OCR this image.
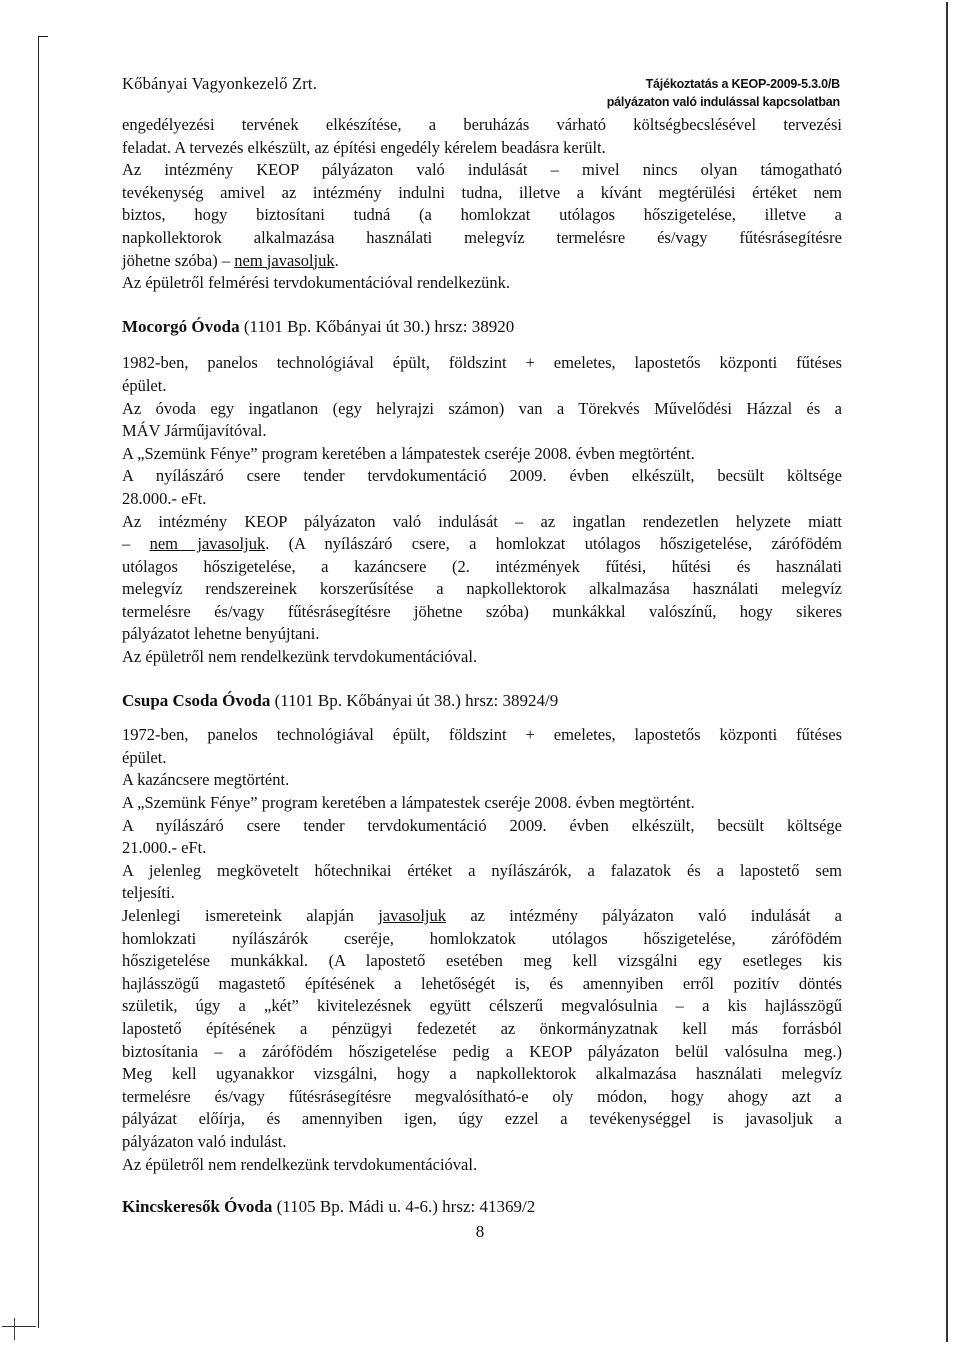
Kőbányai Vagyonkezelő Zrt.	Tájékoztatás a KEOP-2009-5.3.0/B
pályázaton való indulással kapcsolatban
engedélyezési tervének elkészítése, a beruházás várható költségbecslésével tervezési
feladat. A tervezés elkészült, az építési engedély kérelem beadásra került.
Az intézmény KEOP pályázaton való indulását – mivel nincs olyan támogatható
tevékenység amivel az intézmény indulni tudna, illetve a kívánt megtérülési értéket nem
biztos, hogy biztosítani tudná (a homlokzat utólagos hőszigetelése, illetve a
napkollektorok alkalmazása használati melegvíz termelésre és/vagy fűtésrásegítésre
jöhetne szóba) – nem javasoljuk.
Az épületről felmérési tervdokumentációval rendelkezünk.
Mocorgó Óvoda (1101 Bp. Kőbányai út 30.) hrsz: 38920
1982-ben, panelos technológiával épült, földszint + emeletes, lapostetős központi fűtéses
épület.
Az óvoda egy ingatlanon (egy helyrajzi számon) van a Törekvés Művelődési Házzal és a
MÁV Járműjavítóval.
A „Szemünk Fénye” program keretében a lámpatestek cseréje 2008. évben megtörtént.
A nyílászáró csere tender tervdokumentáció 2009. évben elkészült, becsült költsége
28.000.- eFt.
Az intézmény KEOP pályázaton való indulását – az ingatlan rendezetlen helyzete miatt
– nem javasoljuk. (A nyílászáró csere, a homlokzat utólagos hőszigetelése, zárófödém
utólagos hőszigetelése, a kazáncsere (2. intézmények fűtési, hűtési és használati
melegvíz rendszereinek korszerűsítése a napkollektorok alkalmazása használati melegvíz
termelésre és/vagy fűtésrásegítésre jöhetne szóba) munkákkal valószínű, hogy sikeres
pályázatot lehetne benyújtani.
Az épületről nem rendelkezünk tervdokumentációval.
Csupa Csoda Óvoda (1101 Bp. Kőbányai út 38.) hrsz: 38924/9
1972-ben, panelos technológiával épült, földszint + emeletes, lapostetős központi fűtéses
épület.
A kazáncsere megtörtént.
A „Szemünk Fénye” program keretében a lámpatestek cseréje 2008. évben megtörtént.
A nyílászáró csere tender tervdokumentáció 2009. évben elkészült, becsült költsége
21.000.- eFt.
A jelenleg megkövetelt hőtechnikai értéket a nyílászárók, a falazatok és a lapostető sem
teljesíti.
Jelenlegi ismereteink alapján javasoljuk az intézmény pályázaton való indulását a
homlokzati nyílászárók cseréje, homlokzatok utólagos hőszigetelése, zárófödém
hőszigetelése munkákkal. (A lapostető esetében meg kell vizsgálni egy esetleges kis
hajlásszögű magastető építésének a lehetőségét is, és amennyiben erről pozitív döntés
születik, úgy a „két” kivitelezésnek együtt célszerű megvalósulnia – a kis hajlásszögű
lapostető építésének a pénzügyi fedezetét az önkormányzatnak kell más forrásból
biztosítania – a zárófödém hőszigetelése pedig a KEOP pályázaton belül valósulna meg.)
Meg kell ugyanakkor vizsgálni, hogy a napkollektorok alkalmazása használati melegvíz
termelésre és/vagy fűtésrásegítésre megvalósítható-e oly módon, hogy ahogy azt a
pályázat előírja, és amennyiben igen, úgy ezzel a tevékenységgel is javasoljuk a
pályázaton való indulást.
Az épületről nem rendelkezünk tervdokumentációval.
Kincskeresők Óvoda (1105 Bp. Mádi u. 4-6.) hrsz: 41369/2
8
